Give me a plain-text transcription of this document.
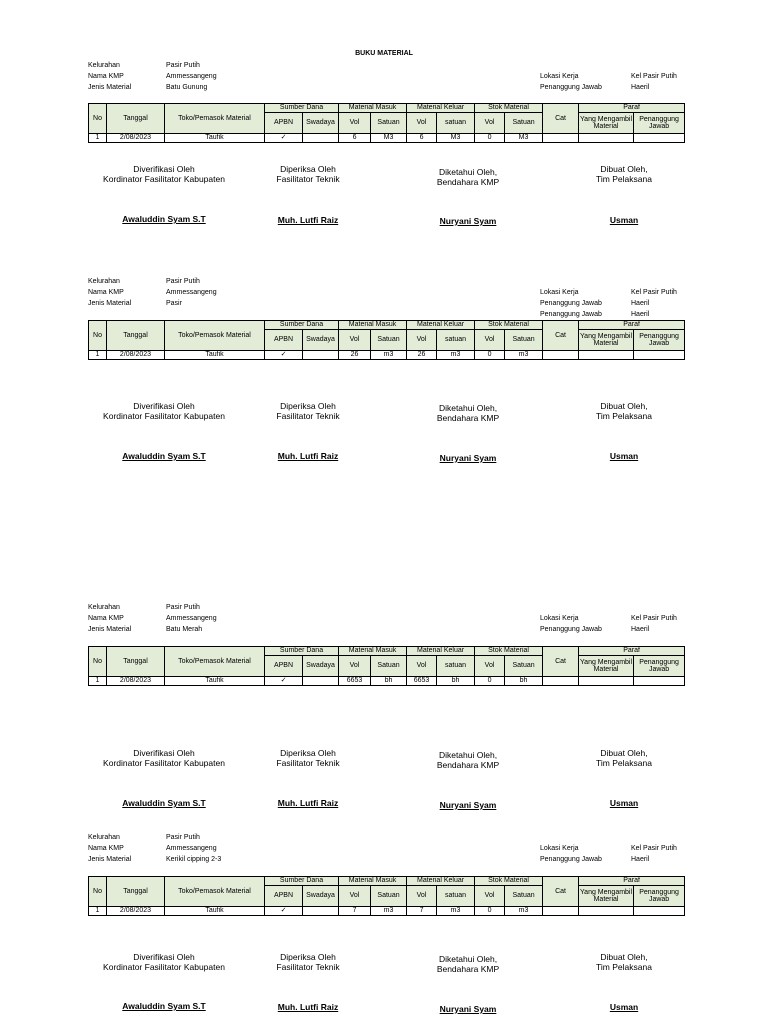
BUKU MATERIAL
Kelurahan	Pasir Putih
Nama KMP	Ammessangeng
Jenis Material	Batu Gunung
Lokasi Kerja	Kel Pasir Putih
Penanggung Jawab	Haeril
No	Tanggal	Toko/Pemasok Material	Sumber Dana		Material Masuk		Material Keluar		Stok Material		Cat	Paraf	
			APBN	Swadaya	Vol	Satuan	Vol	satuan	Vol	Satuan		Yang Mengambil Material	Penanggung Jawab
1	2/08/2023	Taufik	✓		6	M3	6	M3	0	M3			
Diverifikasi Oleh
Kordinator Fasilitator Kabupaten
Diperiksa Oleh
Fasilitator Teknik
Diketahui Oleh,
Bendahara KMP
Dibuat Oleh,
Tim Pelaksana
Awaluddin Syam S.T	Muh. Lutfi Raiz	Nuryani Syam	Usman
Kelurahan	Pasir Putih
Nama KMP	Ammessangeng
Jenis Material	Pasir
Lokasi Kerja	Kel Pasir Putih
Penanggung Jawab	Haeril
Penanggung Jawab	Haeril
No	Tanggal	Toko/Pemasok Material	Sumber Dana		Material Masuk		Material Keluar		Stok Material		Cat	Paraf	
			APBN	Swadaya	Vol	Satuan	Vol	satuan	Vol	Satuan		Yang Mengambil Material	Penanggung Jawab
1	2/08/2023	Taufik	✓		26	m3	26	m3	0	m3			
Diverifikasi Oleh
Kordinator Fasilitator Kabupaten
Diperiksa Oleh
Fasilitator Teknik
Diketahui Oleh,
Bendahara KMP
Dibuat Oleh,
Tim Pelaksana
Awaluddin Syam S.T	Muh. Lutfi Raiz	Nuryani Syam	Usman
Kelurahan	Pasir Putih
Nama KMP	Ammessangeng
Jenis Material	Batu Merah
Lokasi Kerja	Kel Pasir Putih
Penanggung Jawab	Haeril
No	Tanggal	Toko/Pemasok Material	Sumber Dana		Material Masuk		Material Keluar		Stok Material		Cat	Paraf	
			APBN	Swadaya	Vol	Satuan	Vol	satuan	Vol	Satuan		Yang Mengambil Material	Penanggung Jawab
1	2/08/2023	Taufik	✓		6653	bh	6653	bh	0	bh			
Diverifikasi Oleh
Kordinator Fasilitator Kabupaten
Diperiksa Oleh
Fasilitator Teknik
Diketahui Oleh,
Bendahara KMP
Dibuat Oleh,
Tim Pelaksana
Awaluddin Syam S.T	Muh. Lutfi Raiz	Nuryani Syam	Usman
Kelurahan	Pasir Putih
Nama KMP	Ammessangeng
Jenis Material	Kerikil cipping 2-3
Lokasi Kerja	Kel Pasir Putih
Penanggung Jawab	Haeril
No	Tanggal	Toko/Pemasok Material	Sumber Dana		Material Masuk		Material Keluar		Stok Material		Cat	Paraf	
			APBN	Swadaya	Vol	Satuan	Vol	satuan	Vol	Satuan		Yang Mengambil Material	Penanggung Jawab
1	2/08/2023	Taufik	✓		7	m3	7	m3	0	m3			
Diverifikasi Oleh
Kordinator Fasilitator Kabupaten
Diperiksa Oleh
Fasilitator Teknik
Diketahui Oleh,
Bendahara KMP
Dibuat Oleh,
Tim Pelaksana
Awaluddin Syam S.T	Muh. Lutfi Raiz	Nuryani Syam	Usman
